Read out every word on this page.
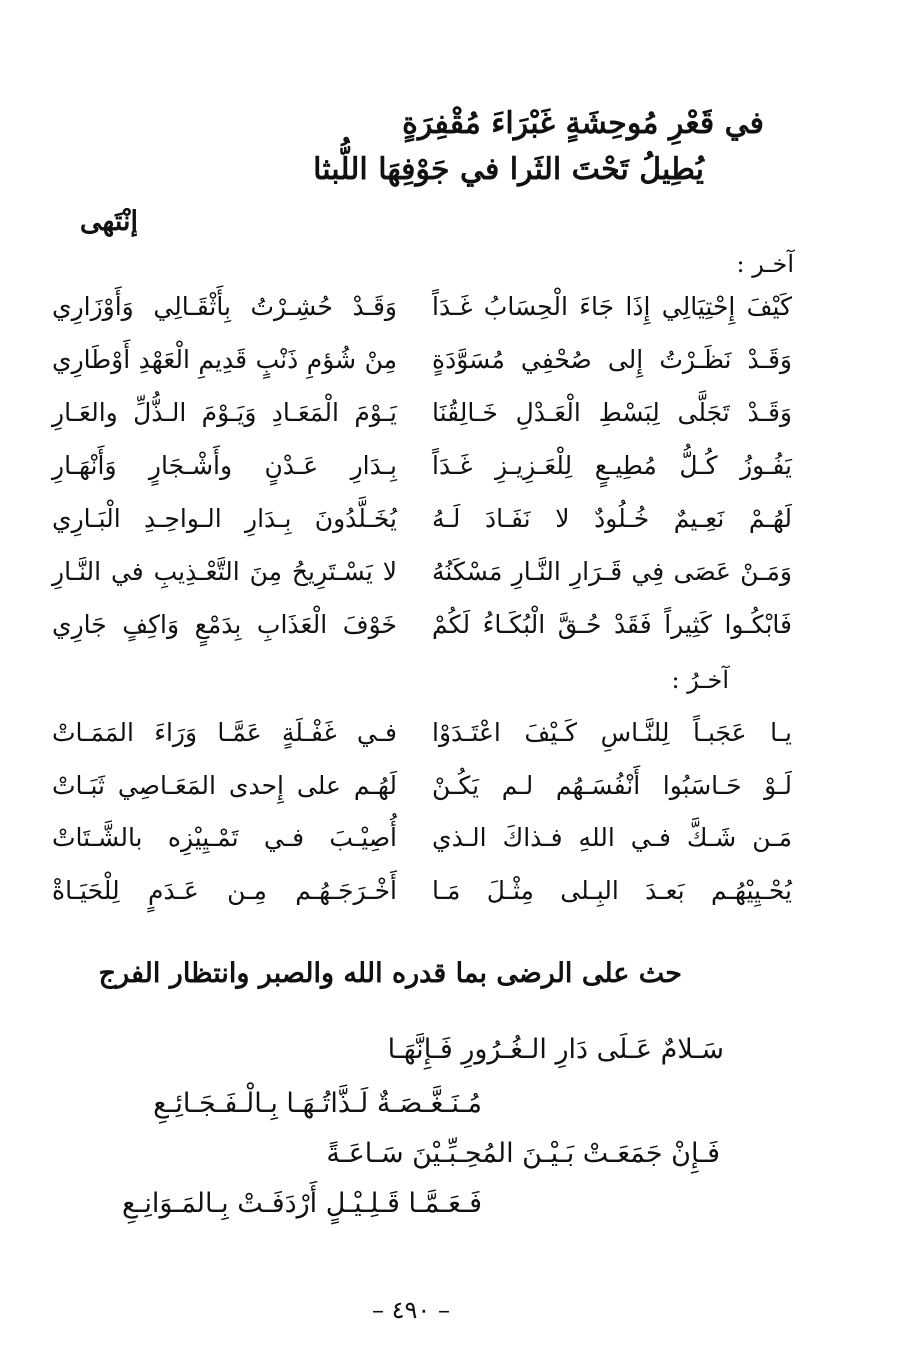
في قَعْرِ مُوحِشَةٍ غَبْرَاءَ مُقْفِرَةٍ
يُطِيلُ تَحْتَ الثَرا في جَوْفِهَا اللُّبثا
إنْتَهى
آخـر :
كَيْفَ إِحْتِيَالِي إِذَا جَاءَ الْحِسَابُ غَـدَاً
وَقَـدْ حُشِـرْتُ بِأَثْقَـالِي وَأَوْزَارِي
وَقَـدْ نَظَـرْتُ إِلى صُحْفِي مُسَوَّدَةٍ
مِنْ شُؤمِ ذَنْبٍ قَدِيمِ الْعَهْدِ أَوْطَارِي
وَقَـدْ تَجَلَّى لِبَسْطِ الْعَـدْلِ خَـالِقُنَا
يَـوْمَ الْمَعَـادِ وَيَـوْمَ الـذُّلِّ والعَـارِ
يَفُـوزُ كُـلُّ مُطِيـعٍ لِلْعَـزِيـزِ غَـدَاً
بِـدَارِ عَـدْنٍ وأَشْـجَارٍ وَأَنْهَـارِ
لَهُـمْ نَعِـيمٌ خُـلُودٌ لا نَفَـادَ لَـهُ
يُخَـلَّدُونَ بِـدَارِ الـواحِـدِ الْبَـارِي
وَمَـنْ عَصَى فِي قَـرَارِ النَّـارِ مَسْكَنُهُ
لا يَسْـتَرِيحُ مِنَ التَّعْـذِيبِ في النَّـارِ
فَابْكُـوا كَثِيراً فَقَدْ حُـقَّ الْبُكَـاءُ لَكُمْ
خَوْفَ الْعَذَابِ بِدَمْعٍ وَاكِفٍ جَارِي
آخـرُ :
يـا عَجَبـاً لِلنَّـاسِ كَـيْفَ اعْتَـدَوْا
فـي غَفْـلَةٍ عَمَّـا وَرَاءَ المَمَـاتْ
لَـوْ حَـاسَبُوا أَنْفُسَـهُم لـم يَكُـنْ
لَهُـم على إِحدى المَعَـاصِي ثَبَـاتْ
مَـن شَـكَّ فـي اللهِ فـذاكَ الـذي
أُصِيْـبَ فـي تَمْـيِيْزِه بالشَّـتَاتْ
يُحْـيِيْهُـم بَعـدَ البِـلى مِثْـلَ مَـا
أَخْـرَجَـهُـم مِـن عَـدَمٍ لِلْحَيَـاةْ
حث على الرضى بما قدره الله والصبر وانتظار الفرج
سَـلامٌ عَـلَى دَارِ الـغُـرُورِ فَـإِنَّهَـا
مُـنَـغَّـصَـةٌ لَـذَّاتُـهَـا بِـالْـفَـجَـائِـعِ
فَـإِنْ جَمَعَـتْ بَـيْـنَ المُحِـبِّـيْنَ سَـاعَـةً
فَـعَـمَّـا قَـلِـيْـلٍ أَرْدَفَـتْ بِـالمَـوَانِـعِ
– ٤٩٠ –
